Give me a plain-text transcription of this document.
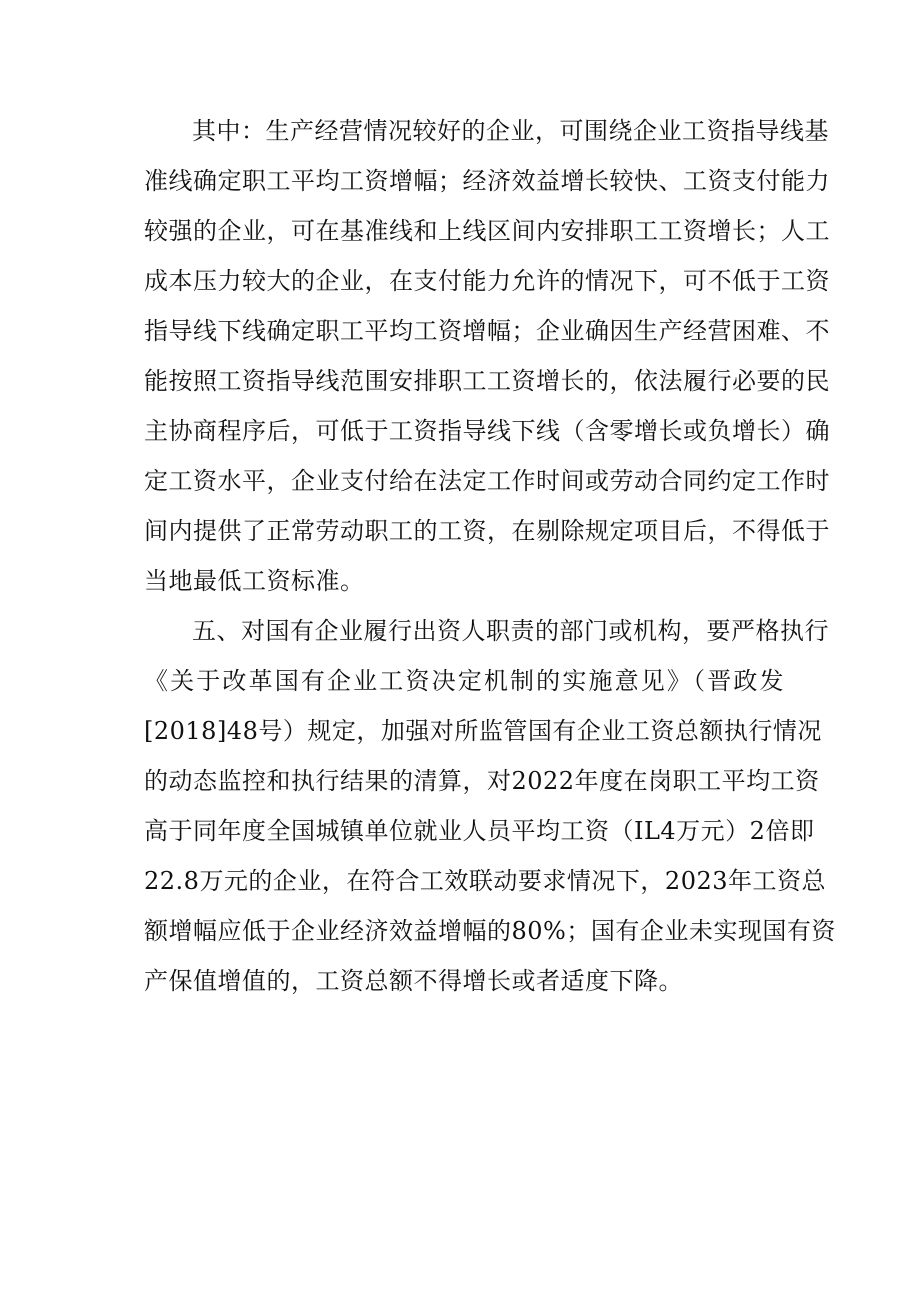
其中：生产经营情况较好的企业，可围绕企业工资指导线基
准线确定职工平均工资增幅；经济效益增长较快、工资支付能力
较强的企业，可在基准线和上线区间内安排职工工资增长；人工
成本压力较大的企业，在支付能力允许的情况下，可不低于工资
指导线下线确定职工平均工资增幅；企业确因生产经营困难、不
能按照工资指导线范围安排职工工资增长的，依法履行必要的民
主协商程序后，可低于工资指导线下线（含零增长或负增长）确
定工资水平，企业支付给在法定工作时间或劳动合同约定工作时
间内提供了正常劳动职工的工资，在剔除规定项目后，不得低于
当地最低工资标准。
五、对国有企业履行出资人职责的部门或机构，要严格执行
《关于改革国有企业工资决定机制的实施意见》（晋政发
[2018]48号）规定，加强对所监管国有企业工资总额执行情况
的动态监控和执行结果的清算，对2022年度在岗职工平均工资
高于同年度全国城镇单位就业人员平均工资（IL4万元）2倍即
22.8万元的企业，在符合工效联动要求情况下，2023年工资总
额增幅应低于企业经济效益增幅的80%；国有企业未实现国有资
产保值增值的，工资总额不得增长或者适度下降。
